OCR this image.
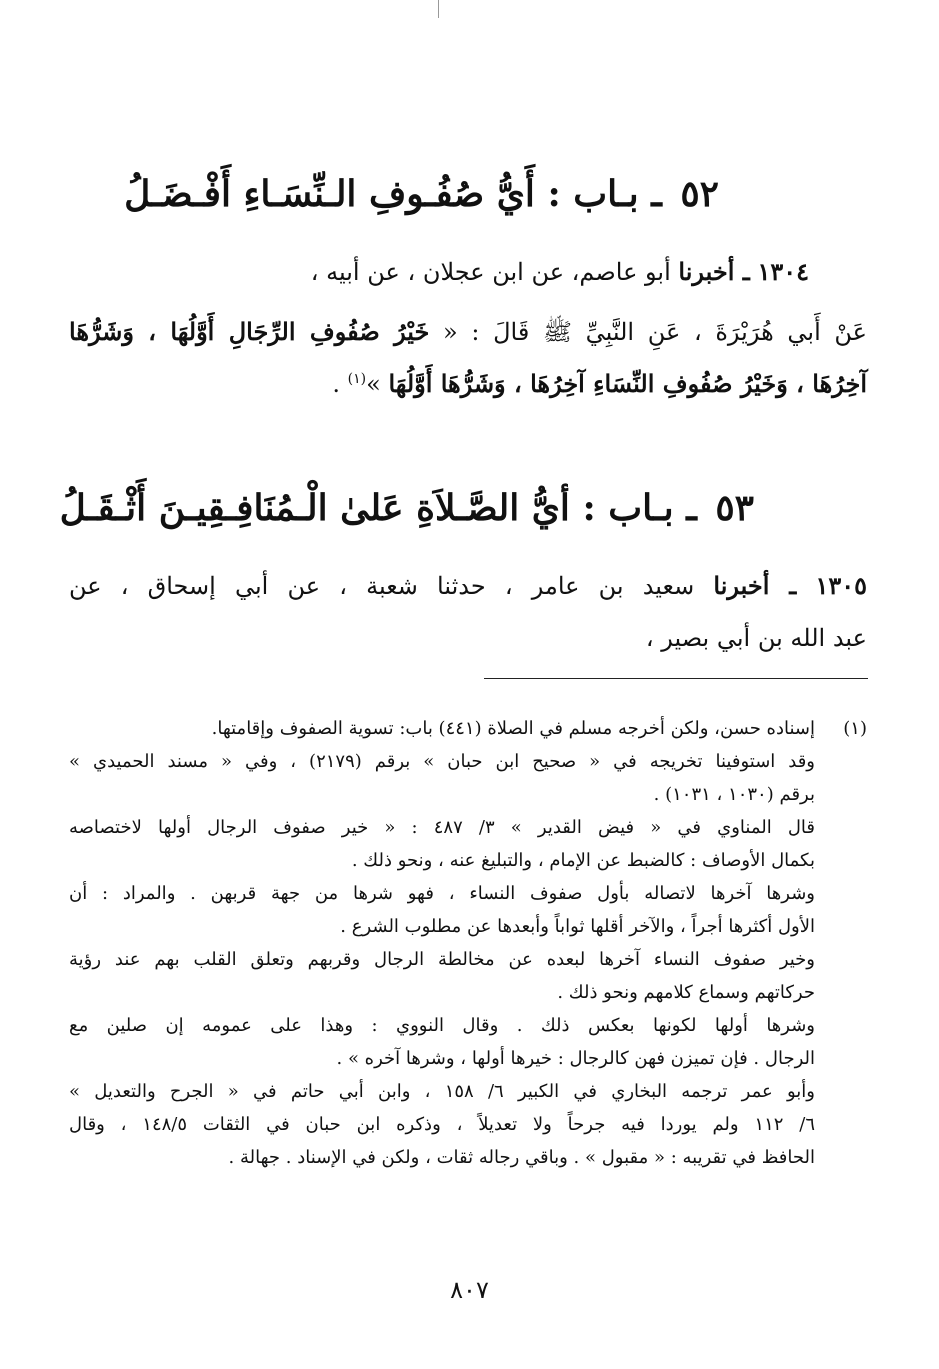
٥٢ ـ بـاب : أَيُّ صُفُـوفِ الـنِّسَـاءِ أَفْـضَـلُ
١٣٠٤ ـ أخبرنا أبو عاصم، عن ابن عجلان ، عن أبيه ،
عَنْ أَبي هُرَيْرَةَ ، عَنِ النَّبِيِّ ﷺ قَالَ : « خَيْرُ صُفُوفِ الرِّجَالِ أَوَّلُهَا ، وَشَرُّهَا
آخِرُهَا ، وَخَيْرُ صُفُوفِ النِّسَاءِ آخِرُهَا ، وَشَرُّهَا أَوَّلُهَا »$^{(١)}$ .
٥٣ ـ بـاب : أيُّ الصَّـلاَةِ عَلىٰ الْـمُنَافِـقِيـنَ أَثْـقَـلُ
١٣٠٥ ـ أخبرنا سعيد بن عامر ، حدثنا شعبة ، عن أبي إسحاق ، عن
عبد الله بن أبي بصير ،
(١)
إسناده حسن، ولكن أخرجه مسلم في الصلاة (٤٤١) باب: تسوية الصفوف وإقامتها.
وقد استوفينا تخريجه في « صحيح ابن حبان » برقم (٢١٧٩) ، وفي « مسند الحميدي »
برقم (١٠٣٠ ، ١٠٣١) .
قال المناوي في « فيض القدير » ٣/ ٤٨٧ : « خير صفوف الرجال أولها لاختصاصه
بكمال الأوصاف : كالضبط عن الإمام ، والتبليغ عنه ، ونحو ذلك .
وشرها آخرها لاتصاله بأول صفوف النساء ، فهو شرها من جهة قربهن . والمراد : أن
الأول أكثرها أجراً ، والآخر أقلها ثواباً وأبعدها عن مطلوب الشرع .
وخير صفوف النساء آخرها لبعده عن مخالطة الرجال وقربهم وتعلق القلب بهم عند رؤية
حركاتهم وسماع كلامهم ونحو ذلك .
وشرها أولها لكونها بعكس ذلك . وقال النووي : وهذا على عمومه إن صلين مع
الرجال . فإن تميزن فهن كالرجال : خيرها أولها ، وشرها آخره » .
وأبو عمر ترجمه البخاري في الكبير ٦/ ١٥٨ ، وابن أبي حاتم في « الجرح والتعديل »
٦/ ١١٢ ولم يوردا فيه جرحاً ولا تعديلاً ، وذكره ابن حبان في الثقات ١٤٨/٥ ، وقال
الحافظ في تقريبه : « مقبول » . وباقي رجاله ثقات ، ولكن في الإسناد . جهالة .
٨٠٧
